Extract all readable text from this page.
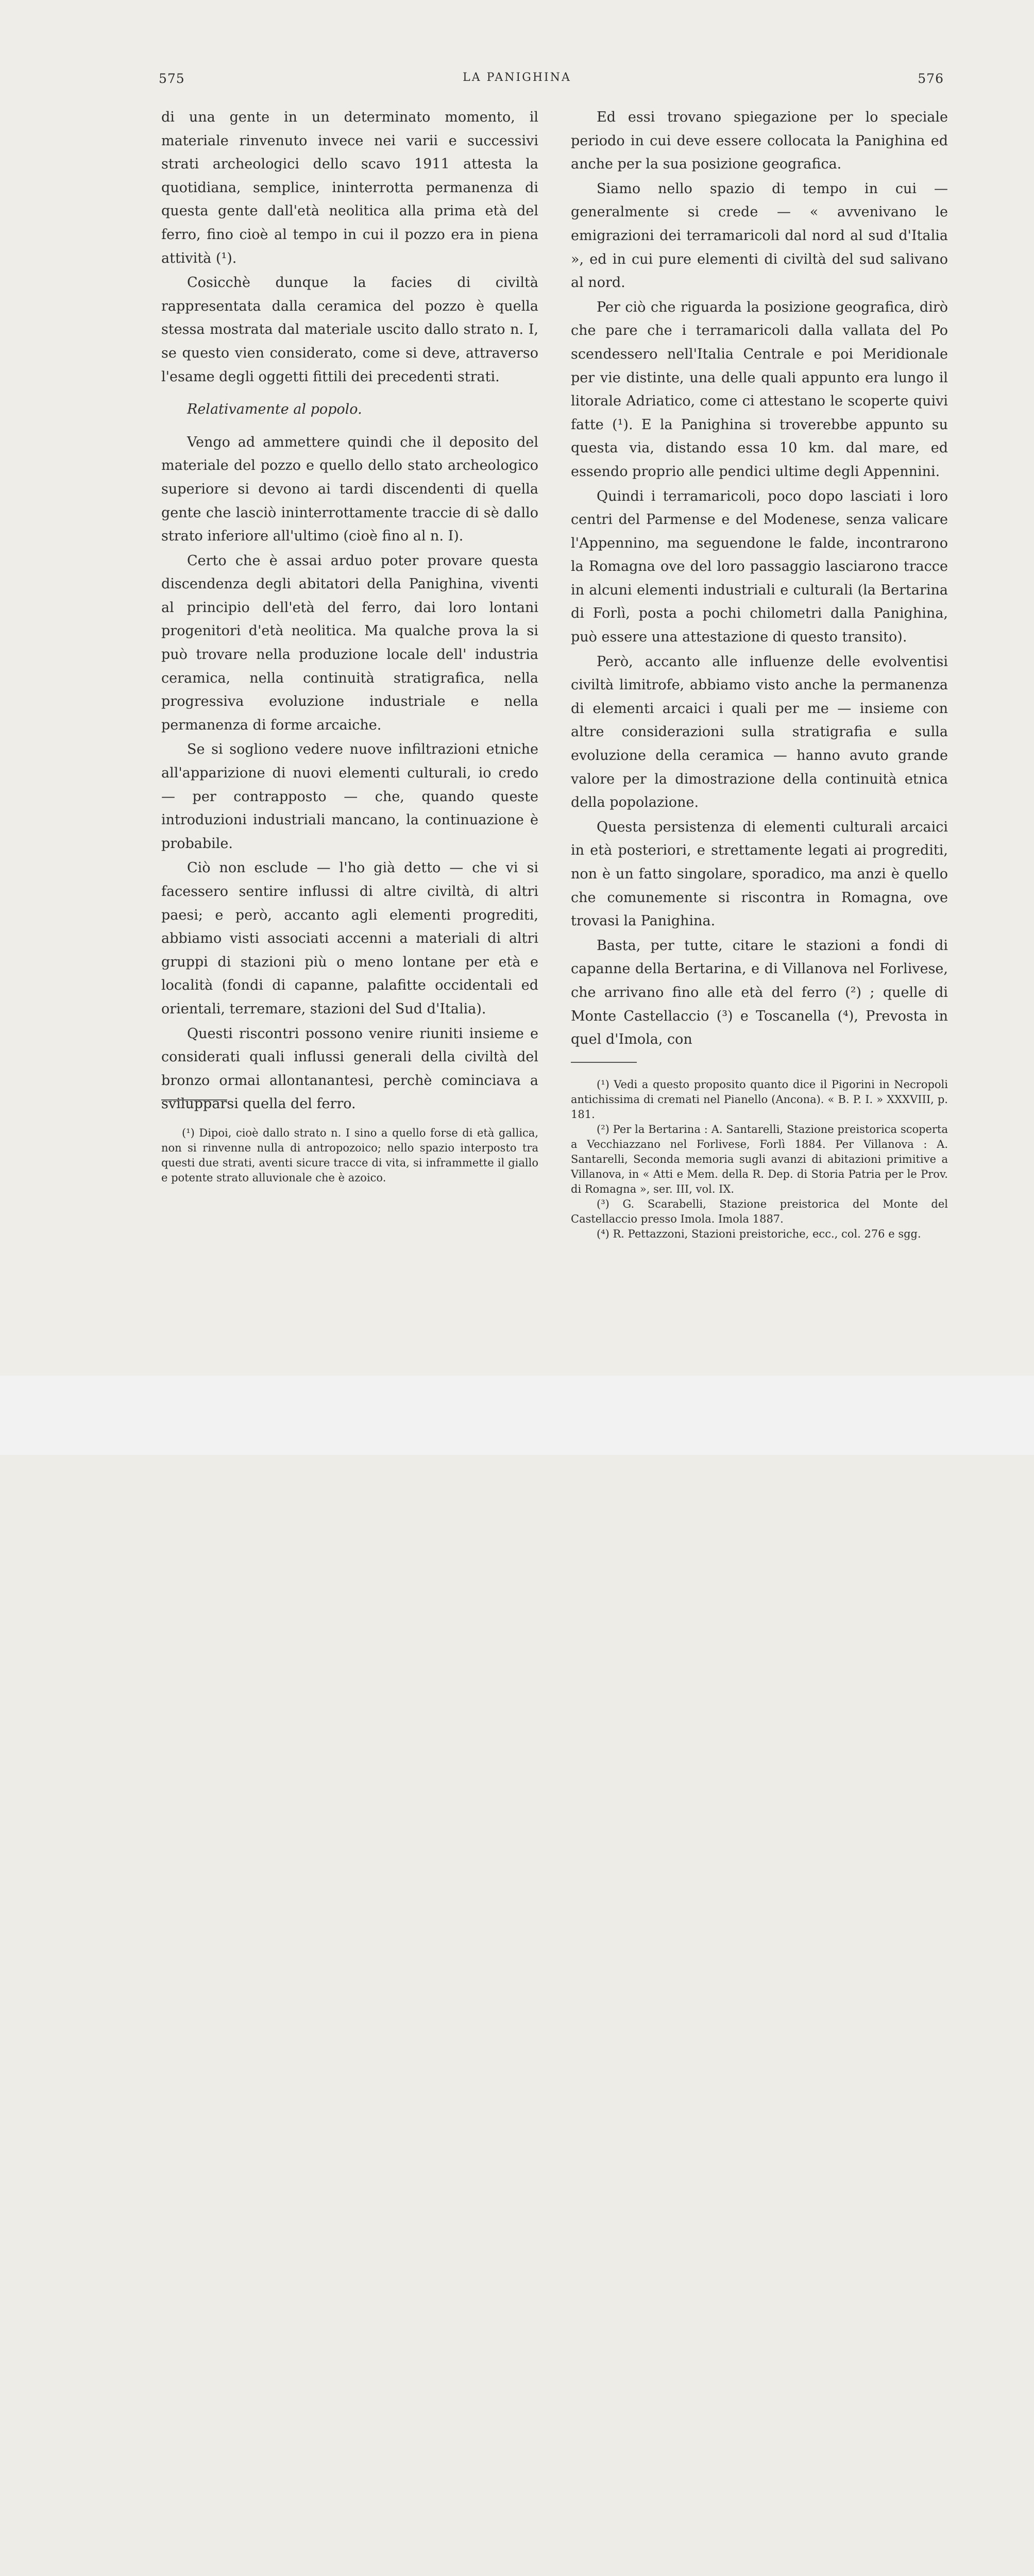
575	LA PANIGHINA	576

di una gente in un determinato momento, il materiale rinvenuto invece nei varii e successivi strati archeologici dello scavo 1911 attesta la quotidiana, semplice, ininterrotta permanenza di questa gente dall'età neolitica alla prima età del ferro, fino cioè al tempo in cui il pozzo era in piena attività (¹).

Cosicchè dunque la facies di civiltà rappresentata dalla ceramica del pozzo è quella stessa mostrata dal materiale uscito dallo strato n. I, se questo vien considerato, come si deve, attraverso l'esame degli oggetti fittili dei precedenti strati.

Relativamente al popolo.

Vengo ad ammettere quindi che il deposito del materiale del pozzo e quello dello stato archeologico superiore si devono ai tardi discendenti di quella gente che lasciò ininterrottamente traccie di sè dallo strato inferiore all'ultimo (cioè fino al n. I).

Certo che è assai arduo poter provare questa discendenza degli abitatori della Panighina, viventi al principio dell'età del ferro, dai loro lontani progenitori d'età neolitica. Ma qualche prova la si può trovare nella produzione locale dell' industria ceramica, nella continuità stratigrafica, nella progressiva evoluzione industriale e nella permanenza di forme arcaiche.

Se si sogliono vedere nuove infiltrazioni etniche all'apparizione di nuovi elementi culturali, io credo — per contrapposto — che, quando queste introduzioni industriali mancano, la continuazione è probabile.

Ciò non esclude — l'ho già detto — che vi si facessero sentire influssi di altre civiltà, di altri paesi; e però, accanto agli elementi progrediti, abbiamo visti associati accenni a materiali di altri gruppi di stazioni più o meno lontane per età e località (fondi di capanne, palafitte occidentali ed orientali, terremare, stazioni del Sud d'Italia).

Questi riscontri possono venire riuniti insieme e considerati quali influssi generali della civiltà del bronzo ormai allontanantesi, perchè cominciava a svilupparsi quella del ferro.

(¹) Dipoi, cioè dallo strato n. I sino a quello forse di età gallica, non si rinvenne nulla di antropozoico; nello spazio interposto tra questi due strati, aventi sicure tracce di vita, si inframmette il giallo e potente strato alluvionale che è azoico.

Ed essi trovano spiegazione per lo speciale periodo in cui deve essere collocata la Panighina ed anche per la sua posizione geografica.

Siamo nello spazio di tempo in cui — generalmente si crede — « avvenivano le emigrazioni dei terramaricoli dal nord al sud d'Italia », ed in cui pure elementi di civiltà del sud salivano al nord.

Per ciò che riguarda la posizione geografica, dirò che pare che i terramaricoli dalla vallata del Po scendessero nell'Italia Centrale e poi Meridionale per vie distinte, una delle quali appunto era lungo il litorale Adriatico, come ci attestano le scoperte quivi fatte (¹). E la Panighina si troverebbe appunto su questa via, distando essa 10 km. dal mare, ed essendo proprio alle pendici ultime degli Appennini.

Quindi i terramaricoli, poco dopo lasciati i loro centri del Parmense e del Modenese, senza valicare l'Appennino, ma seguendone le falde, incontrarono la Romagna ove del loro passaggio lasciarono tracce in alcuni elementi industriali e culturali (la Bertarina di Forlì, posta a pochi chilometri dalla Panighina, può essere una attestazione di questo transito).

Però, accanto alle influenze delle evolventisi civiltà limitrofe, abbiamo visto anche la permanenza di elementi arcaici i quali per me — insieme con altre considerazioni sulla stratigrafia e sulla evoluzione della ceramica — hanno avuto grande valore per la dimostrazione della continuità etnica della popolazione.

Questa persistenza di elementi culturali arcaici in età posteriori, e strettamente legati ai progrediti, non è un fatto singolare, sporadico, ma anzi è quello che comunemente si riscontra in Romagna, ove trovasi la Panighina.

Basta, per tutte, citare le stazioni a fondi di capanne della Bertarina, e di Villanova nel Forlivese, che arrivano fino alle età del ferro (²) ; quelle di Monte Castellaccio (³) e Toscanella (⁴), Prevosta in quel d'Imola, con

(¹) Vedi a questo proposito quanto dice il Pigorini in Necropoli antichissima di cremati nel Pianello (Ancona). « B. P. I. » XXXVIII, p. 181.

(²) Per la Bertarina : A. Santarelli, Stazione preistorica scoperta a Vecchiazzano nel Forlivese, Forlì 1884. Per Villanova : A. Santarelli, Seconda memoria sugli avanzi di abitazioni primitive a Villanova, in « Atti e Mem. della R. Dep. di Storia Patria per le Prov. di Romagna », ser. III, vol. IX.

(³) G. Scarabelli, Stazione preistorica del Monte del Castellaccio presso Imola. Imola 1887.

(⁴) R. Pettazzoni, Stazioni preistoriche, ecc., col. 276 e sgg.
